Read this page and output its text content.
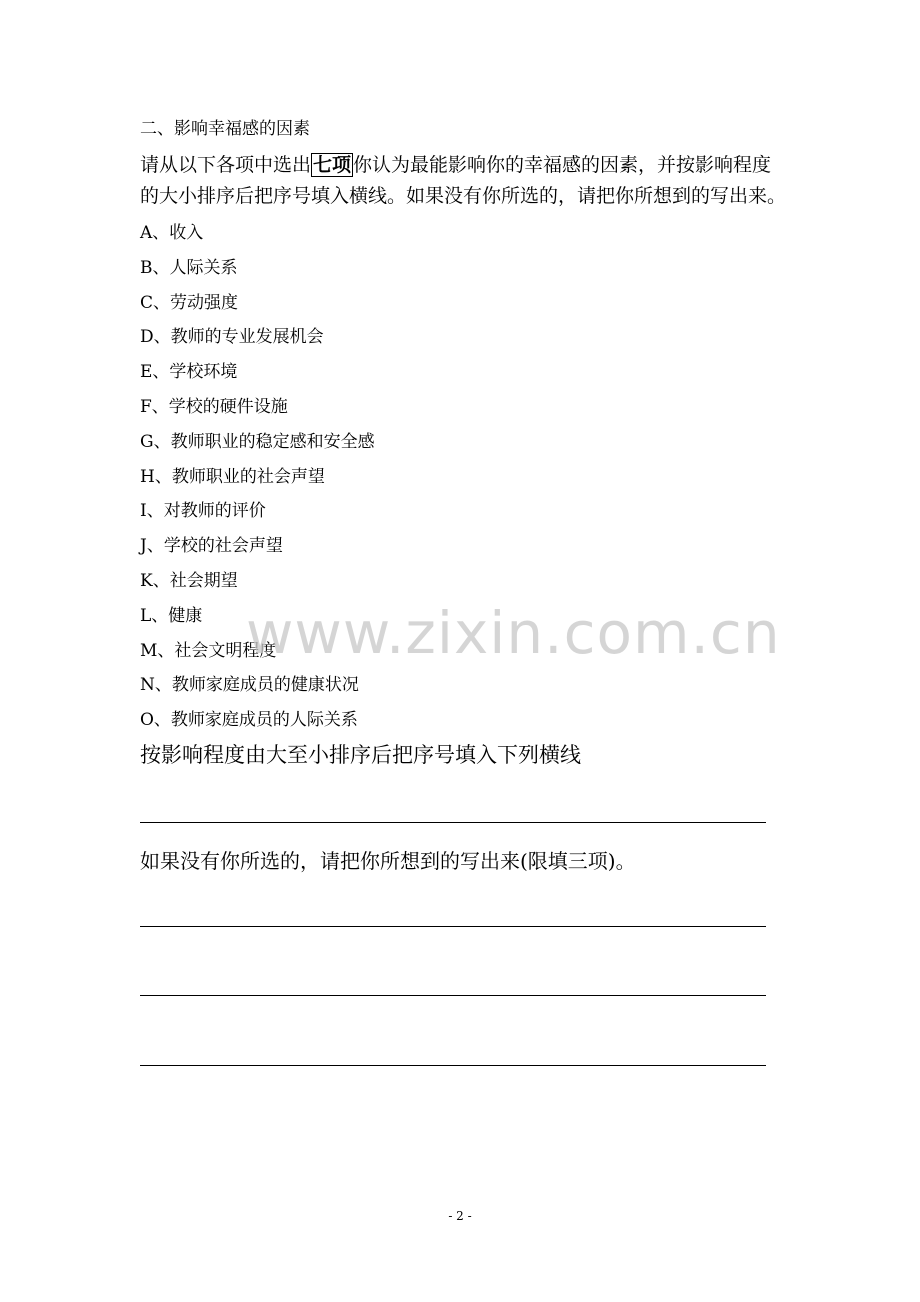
二、影响幸福感的因素
请从以下各项中选出 七项 你认为最能影响你的幸福感的因素，并按影响程度的大小排序后把序号填入横线。如果没有你所选的，请把你所想到的写出来。
A、收入
B、人际关系
C、劳动强度
D、教师的专业发展机会
E、学校环境
F、学校的硬件设施
G、教师职业的稳定感和安全感
H、教师职业的社会声望
I、对教师的评价
J、学校的社会声望
K、社会期望
L、健康
M、社会文明程度
N、教师家庭成员的健康状况
O、教师家庭成员的人际关系
按影响程度由大至小排序后把序号填入下列横线
如果没有你所选的，请把你所想到的写出来(限填三项)。
www.zixin.com.cn
- 2 -
